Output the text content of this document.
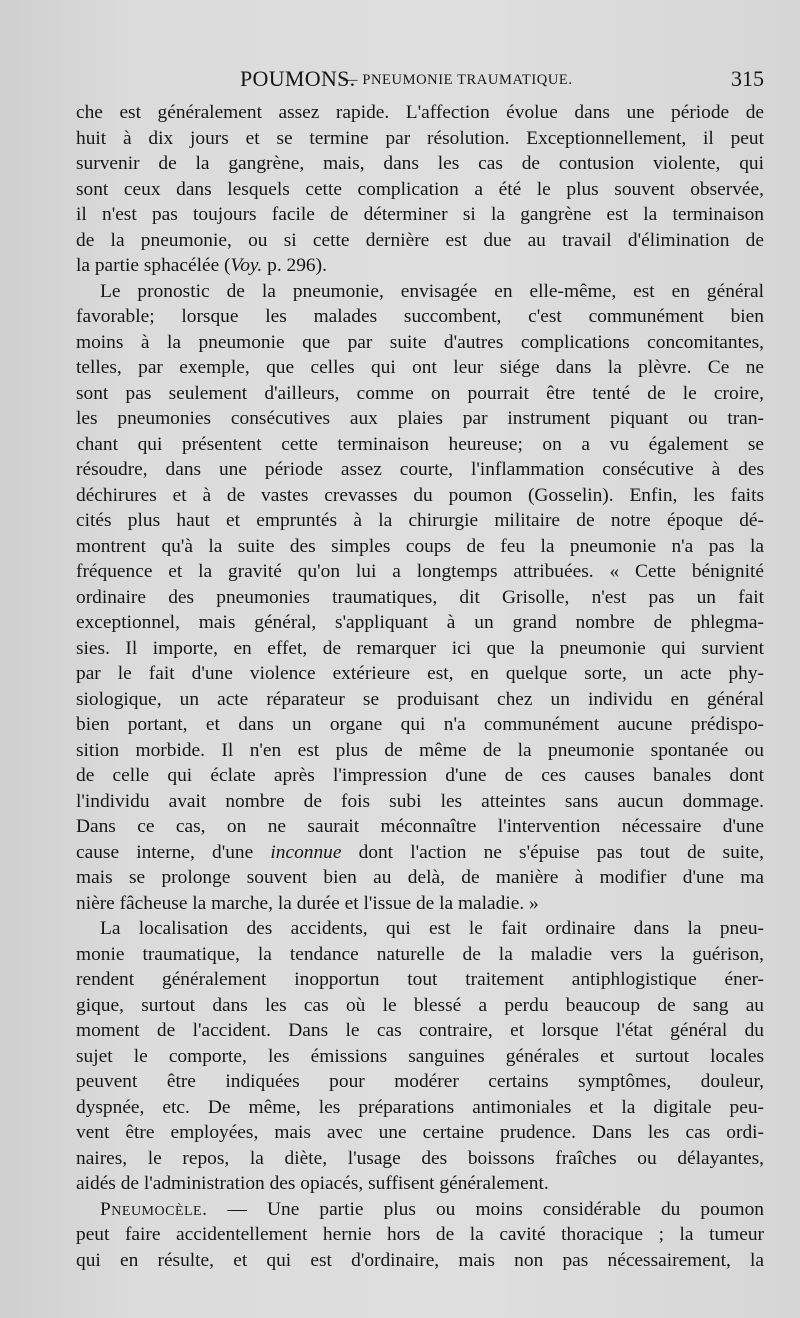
POUMONS.
— PNEUMONIE TRAUMATIQUE.	315
che est généralement assez rapide. L'affection évolue dans une période de
huit à dix jours et se termine par résolution. Exceptionnellement, il peut
survenir de la gangrène, mais, dans les cas de contusion violente, qui
sont ceux dans lesquels cette complication a été le plus souvent observée,
il n'est pas toujours facile de déterminer si la gangrène est la terminaison
de la pneumonie, ou si cette dernière est due au travail d'élimination de
la partie sphacélée (Voy. p. 296).
Le pronostic de la pneumonie, envisagée en elle-même, est en général
favorable; lorsque les malades succombent, c'est communément bien
moins à la pneumonie que par suite d'autres complications concomitantes,
telles, par exemple, que celles qui ont leur siége dans la plèvre. Ce ne
sont pas seulement d'ailleurs, comme on pourrait être tenté de le croire,
les pneumonies consécutives aux plaies par instrument piquant ou tran-
chant qui présentent cette terminaison heureuse; on a vu également se
résoudre, dans une période assez courte, l'inflammation consécutive à des
déchirures et à de vastes crevasses du poumon (Gosselin). Enfin, les faits
cités plus haut et empruntés à la chirurgie militaire de notre époque dé-
montrent qu'à la suite des simples coups de feu la pneumonie n'a pas la
fréquence et la gravité qu'on lui a longtemps attribuées. « Cette bénignité
ordinaire des pneumonies traumatiques, dit Grisolle, n'est pas un fait
exceptionnel, mais général, s'appliquant à un grand nombre de phlegma-
sies. Il importe, en effet, de remarquer ici que la pneumonie qui survient
par le fait d'une violence extérieure est, en quelque sorte, un acte phy-
siologique, un acte réparateur se produisant chez un individu en général
bien portant, et dans un organe qui n'a communément aucune prédispo-
sition morbide. Il n'en est plus de même de la pneumonie spontanée ou
de celle qui éclate après l'impression d'une de ces causes banales dont
l'individu avait nombre de fois subi les atteintes sans aucun dommage.
Dans ce cas, on ne saurait méconnaître l'intervention nécessaire d'une
cause interne, d'une inconnue dont l'action ne s'épuise pas tout de suite,
mais se prolonge souvent bien au delà, de manière à modifier d'une ma
nière fâcheuse la marche, la durée et l'issue de la maladie. »
La localisation des accidents, qui est le fait ordinaire dans la pneu-
monie traumatique, la tendance naturelle de la maladie vers la guérison,
rendent généralement inopportun tout traitement antiphlogistique éner-
gique, surtout dans les cas où le blessé a perdu beaucoup de sang au
moment de l'accident. Dans le cas contraire, et lorsque l'état général du
sujet le comporte, les émissions sanguines générales et surtout locales
peuvent être indiquées pour modérer certains symptômes, douleur,
dyspnée, etc. De même, les préparations antimoniales et la digitale peu-
vent être employées, mais avec une certaine prudence. Dans les cas ordi-
naires, le repos, la diète, l'usage des boissons fraîches ou délayantes,
aidés de l'administration des opiacés, suffisent généralement.
Pneumocèle. — Une partie plus ou moins considérable du poumon
peut faire accidentellement hernie hors de la cavité thoracique ; la tumeur
qui en résulte, et qui est d'ordinaire, mais non pas nécessairement, la
